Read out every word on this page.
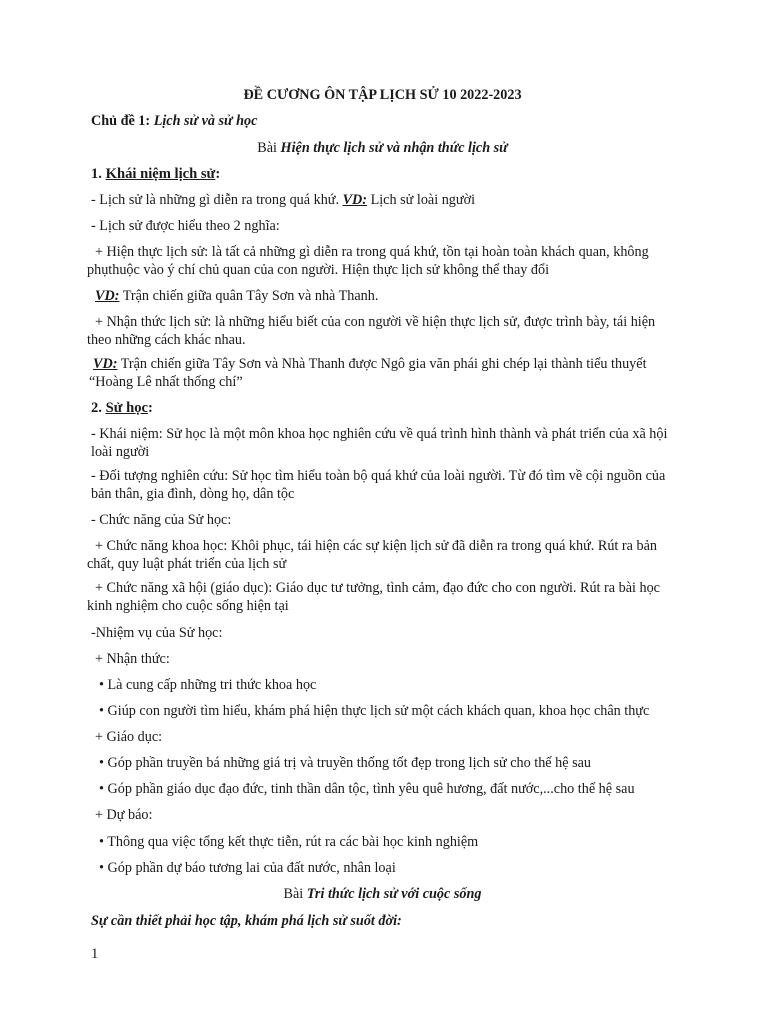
ĐỀ CƯƠNG ÔN TẬP LỊCH SỬ 10 2022-2023
Chủ đề 1: Lịch sử và sử học
Bài Hiện thực lịch sử và nhận thức lịch sử
1. Khái niệm lịch sử:
- Lịch sử là những gì diễn ra trong quá khứ. VD: Lịch sử loài người
- Lịch sử được hiểu theo 2 nghĩa:
+ Hiện thực lịch sử: là tất cả những gì diễn ra trong quá khứ, tồn tại hoàn toàn khách quan, không
phụthuộc vào ý chí chủ quan của con người. Hiện thực lịch sử không thể thay đổi
VD: Trận chiến giữa quân Tây Sơn và nhà Thanh.
+ Nhận thức lịch sử: là những hiểu biết của con người về hiện thực lịch sử, được trình bày, tái hiện
theo những cách khác nhau.
VD: Trận chiến giữa Tây Sơn và Nhà Thanh được Ngô gia văn phái ghi chép lại thành tiểu thuyết
“Hoàng Lê nhất thống chí”
2. Sử học:
- Khái niệm: Sử học là một môn khoa học nghiên cứu về quá trình hình thành và phát triển của xã hội
loài người
- Đối tượng nghiên cứu: Sử học tìm hiểu toàn bộ quá khứ của loài người. Từ đó tìm về cội nguồn của
bản thân, gia đình, dòng họ, dân tộc
- Chức năng của Sử học:
+ Chức năng khoa học: Khôi phục, tái hiện các sự kiện lịch sử đã diễn ra trong quá khứ. Rút ra bản
chất, quy luật phát triển của lịch sử
+ Chức năng xã hội (giáo dục): Giáo dục tư tưởng, tình cảm, đạo đức cho con người. Rút ra bài học
kinh nghiệm cho cuộc sống hiện tại
-Nhiệm vụ của Sử học:
+ Nhận thức:
• Là cung cấp những tri thức khoa học
• Giúp con người tìm hiểu, khám phá hiện thực lịch sử một cách khách quan, khoa học chân thực
+ Giáo dục:
• Góp phần truyền bá những giá trị và truyền thống tốt đẹp trong lịch sử cho thế hệ sau
• Góp phần giáo dục đạo đức, tinh thần dân tộc, tình yêu quê hương, đất nước,...cho thế hệ sau
+ Dự báo:
• Thông qua việc tổng kết thực tiễn, rút ra các bài học kinh nghiệm
• Góp phần dự báo tương lai của đất nước, nhân loại
Bài Tri thức lịch sử với cuộc sống
Sự cần thiết phải học tập, khám phá lịch sử suốt đời:
1
